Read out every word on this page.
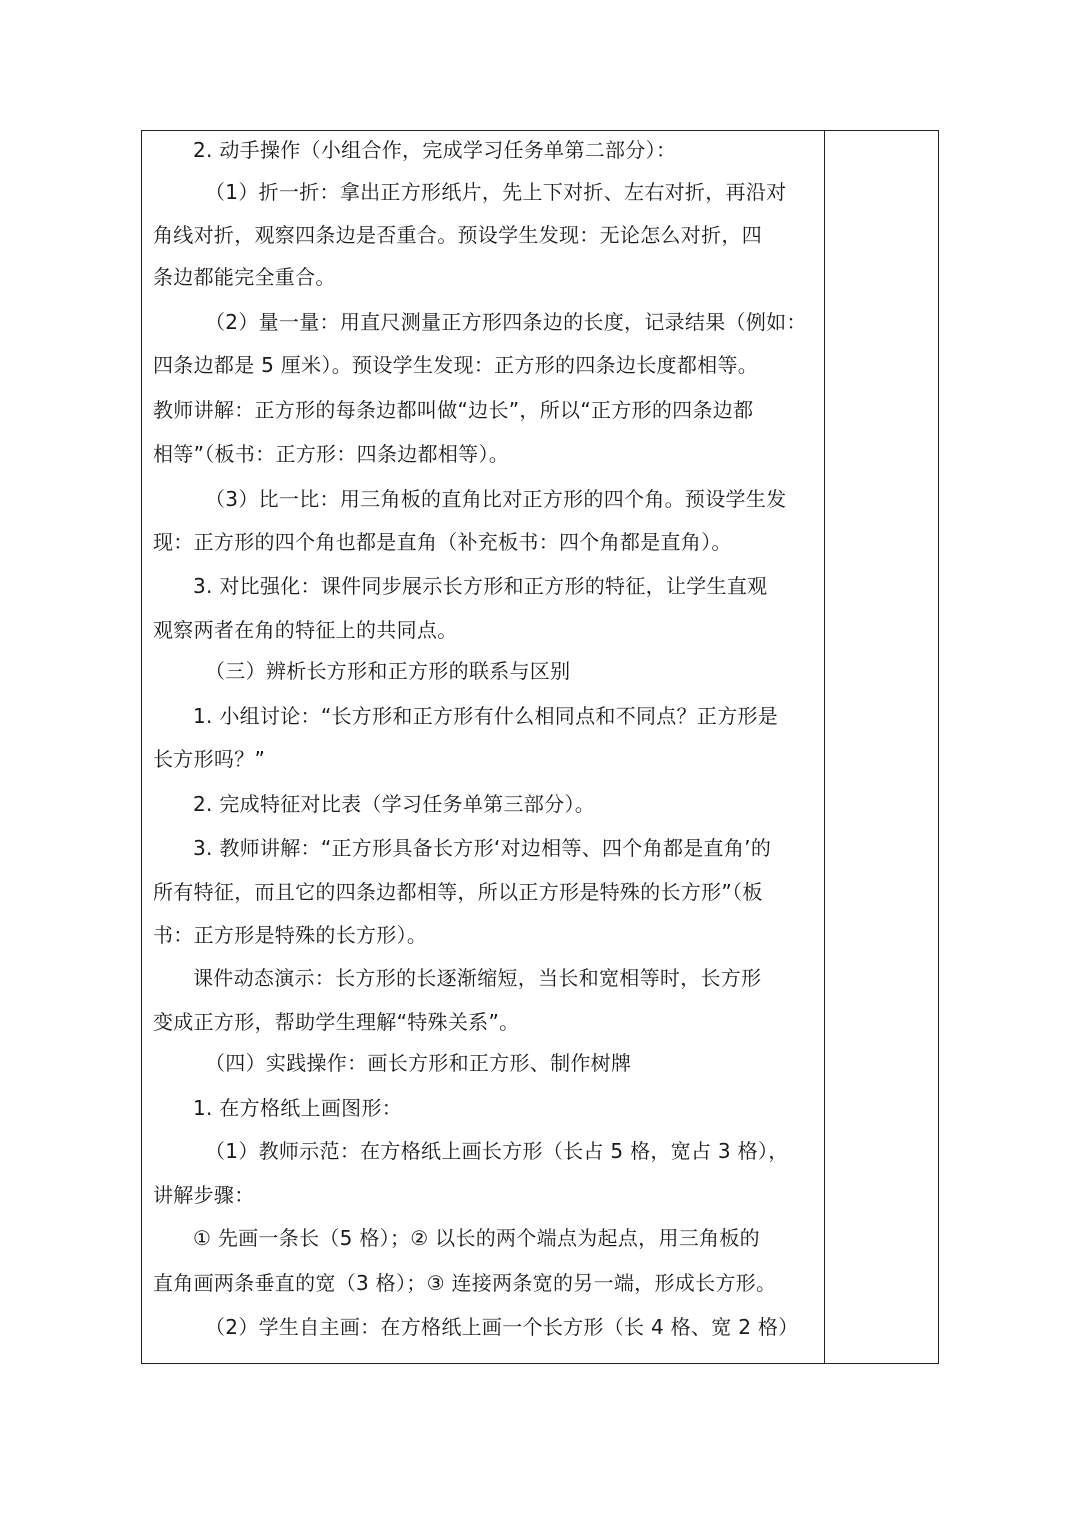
2. 动手操作（小组合作，完成学习任务单第二部分）：
（1）折一折：拿出正方形纸片，先上下对折、左右对折，再沿对
角线对折，观察四条边是否重合。预设学生发现：无论怎么对折，四
条边都能完全重合。
（2）量一量：用直尺测量正方形四条边的长度，记录结果（例如：
四条边都是 5 厘米）。预设学生发现：正方形的四条边长度都相等。
教师讲解：正方形的每条边都叫做“边长”，所以“正方形的四条边都
相等”（板书：正方形：四条边都相等）。
（3）比一比：用三角板的直角比对正方形的四个角。预设学生发
现：正方形的四个角也都是直角（补充板书：四个角都是直角）。
3. 对比强化：课件同步展示长方形和正方形的特征，让学生直观
观察两者在角的特征上的共同点。
（三）辨析长方形和正方形的联系与区别
1. 小组讨论：“长方形和正方形有什么相同点和不同点？正方形是
长方形吗？”
2. 完成特征对比表（学习任务单第三部分）。
3. 教师讲解：“正方形具备长方形‘对边相等、四个角都是直角’的
所有特征，而且它的四条边都相等，所以正方形是特殊的长方形”（板
书：正方形是特殊的长方形）。
课件动态演示：长方形的长逐渐缩短，当长和宽相等时，长方形
变成正方形，帮助学生理解“特殊关系”。
（四）实践操作：画长方形和正方形、制作树牌
1. 在方格纸上画图形：
（1）教师示范：在方格纸上画长方形（长占 5 格，宽占 3 格），
讲解步骤：
① 先画一条长（5 格）；② 以长的两个端点为起点，用三角板的
直角画两条垂直的宽（3 格）；③ 连接两条宽的另一端，形成长方形。
（2）学生自主画：在方格纸上画一个长方形（长 4 格、宽 2 格）
